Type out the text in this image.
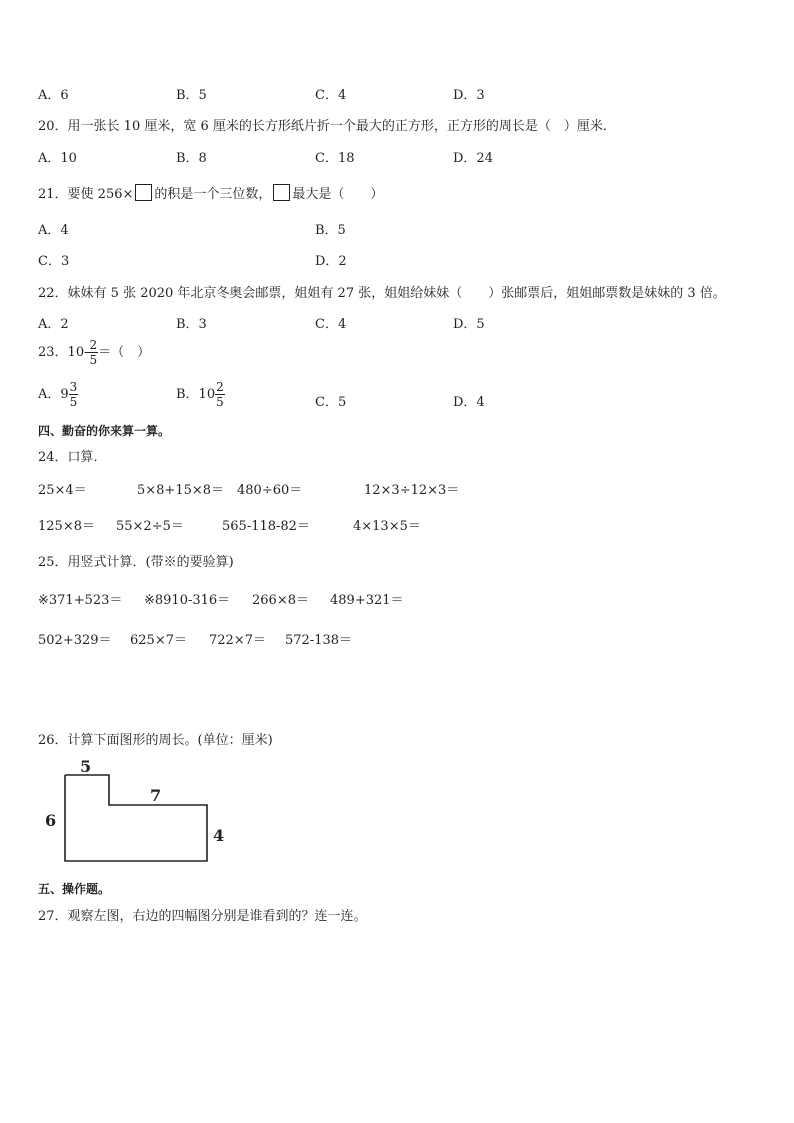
A．6	B．5	C．4	D．3
20．用一张长 10 厘米，宽 6 厘米的长方形纸片折一个最大的正方形，正方形的周长是（　）厘米．
A．10	B．8	C．18	D．24
21．要使 256× 的积是一个三位数， 最大是（　　）
A．4	B．5
C．3	D．2
22．妹妹有 5 张 2020 年北京冬奥会邮票，姐姐有 27 张，姐姐给妹妹（　　）张邮票后，姐姐邮票数是妹妹的 3 倍。
A．2	B．3	C．4	D．5
23．$10- \frac{2}{5}$ ＝（　）
A．$9 \frac{3}{5}$	B．$10 \frac{2}{5}$	C．5	D．4
四、勤奋的你来算一算。
24．口算．
25×4＝	5×8+15×8＝ 480÷60＝	12×3÷12×3＝
125×8＝ 55×2÷5＝	565-118-82＝	4×13×5＝
25．用竖式计算．(带※的要验算)
※371+523＝ ※8910-316＝ 266×8＝ 489+321＝
502+329＝ 625×7＝ 722×7＝ 572-138＝
26．计算下面图形的周长。(单位：厘米)
5
7
6
4
五、操作题。
27．观察左图，右边的四幅图分别是谁看到的？连一连。
